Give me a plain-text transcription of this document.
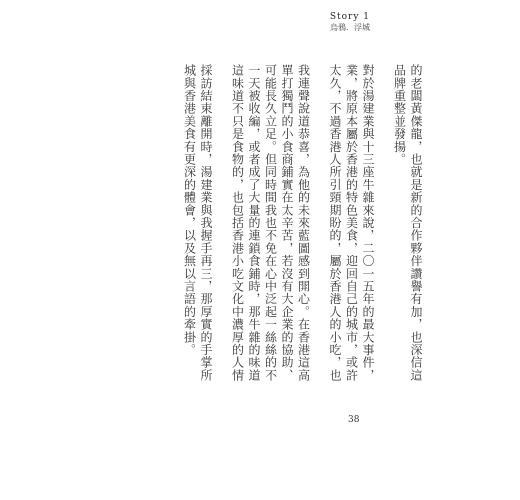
Story 1
烏鴉．浮城
的老闆黃傑龍，也就是新的合作夥伴讚譽有加，也深信這
品牌重整並發揚。
對於湯建業與十三座牛雜來說，二〇一五年的最大事件，
業，將原本屬於香港的特色美食，迎回自己的城市，或許
太久，不過香港人所引頸期盼的，屬於香港人的小吃，也
我連聲說道恭喜，為他的未來藍圖感到開心。在香港這高
單打獨鬥的小食商鋪實在太辛苦，若沒有大企業的協助、
可能長久立足。但同時間我也不免在心中泛起一絲絲的不
一天被收編，或者成了大量的連鎖食鋪時，那牛雜的味道
這味道不只是食物的，也包括香港小吃文化中濃厚的人情
採訪結束離開時，湯建業與我握手再三，那厚實的手掌所
城與香港美食有更深的體會，以及無以言語的牽掛。
38
